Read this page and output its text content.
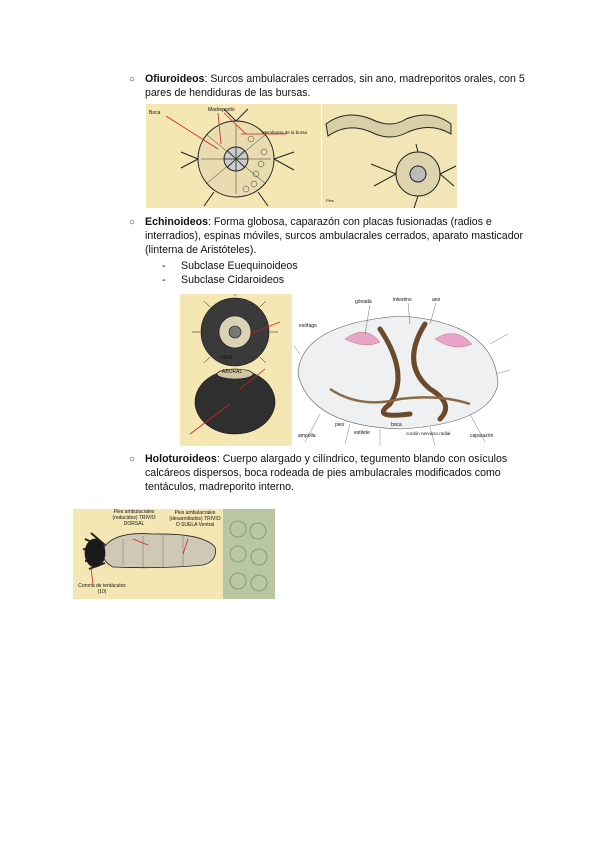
○ Ofiuroideos: Surcos ambulacrales cerrados, sin ano, madreporitos orales, con 5 pares de hendiduras de las bursas.
Boca	Madreporito
Membrana de la bursa
Pies
○ Echinoideos: Forma globosa, caparazón con placas fusionadas (radios e interradios), espinas móviles, surcos ambulacrales cerrados, aparato masticador (linterna de Aristóteles).
- Subclase Euequinoideos
- Subclase Cidaroideos
ORAL
ABORAL
gónada	intestino	ano
esófago
ampolla
pies
estilete
boca
caparazón
cordón nervioso radial
○ Holoturoideos: Cuerpo alargado y cilíndrico, tegumento blando con osículos calcáreos dispersos, boca rodeada de pies ambulacrales modificados como tentáculos, madreporito interno.
Pies ambulacrales (reducidos) TRIVIO DORSAL
Pies ambulacrales (desarrollados) TRIVIO O SUELA Ventral
Corona de tentáculos (10)
